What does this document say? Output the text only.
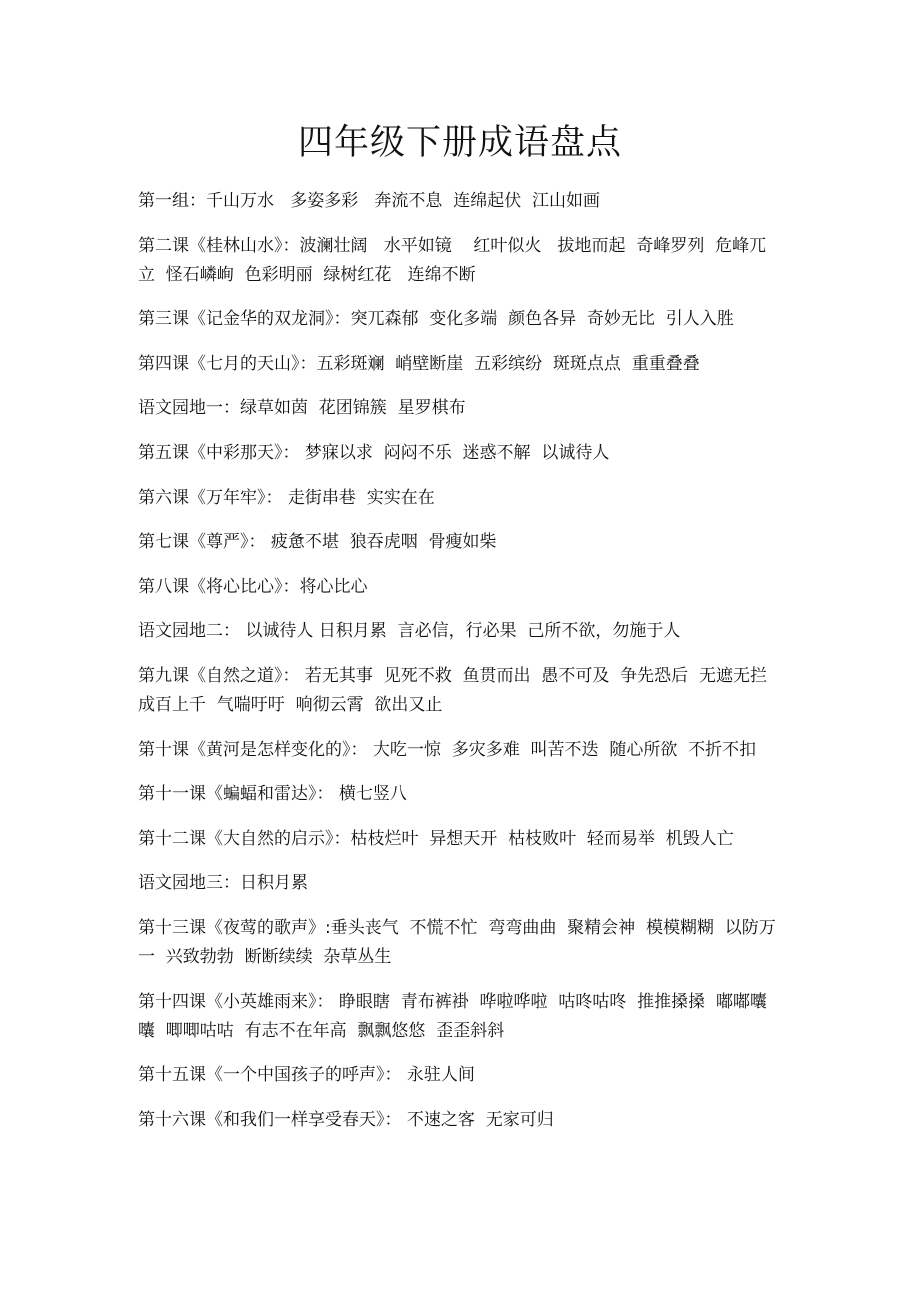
四年级下册成语盘点

第一组：千山万水   多姿多彩   奔流不息  连绵起伏  江山如画

第二课《桂林山水》：波澜壮阔   水平如镜    红叶似火   拔地而起  奇峰罗列  危峰兀立  怪石嶙峋  色彩明丽  绿树红花   连绵不断

第三课《记金华的双龙洞》：突兀森郁  变化多端  颜色各异  奇妙无比  引人入胜

第四课《七月的天山》：五彩斑斓  峭壁断崖  五彩缤纷  斑斑点点  重重叠叠

语文园地一：绿草如茵  花团锦簇  星罗棋布

第五课《中彩那天》： 梦寐以求  闷闷不乐  迷惑不解  以诚待人

第六课《万年牢》： 走街串巷  实实在在

第七课《尊严》： 疲惫不堪  狼吞虎咽  骨瘦如柴

第八课《将心比心》：将心比心

语文园地二： 以诚待人 日积月累  言必信，行必果  己所不欲，勿施于人

第九课《自然之道》： 若无其事  见死不救  鱼贯而出  愚不可及  争先恐后  无遮无拦  成百上千  气喘吁吁  响彻云霄  欲出又止

第十课《黄河是怎样变化的》： 大吃一惊  多灾多难  叫苦不迭  随心所欲  不折不扣

第十一课《蝙蝠和雷达》： 横七竖八

第十二课《大自然的启示》：枯枝烂叶  异想天开  枯枝败叶  轻而易举  机毁人亡

语文园地三：日积月累

第十三课《夜莺的歌声》:垂头丧气  不慌不忙  弯弯曲曲  聚精会神  模模糊糊  以防万一  兴致勃勃  断断续续  杂草丛生

第十四课《小英雄雨来》： 睁眼瞎  青布裤褂  哗啦哗啦  咕咚咕咚  推推搡搡  嘟嘟囔囔  唧唧咕咕  有志不在年高  飘飘悠悠  歪歪斜斜

第十五课《一个中国孩子的呼声》： 永驻人间

第十六课《和我们一样享受春天》： 不速之客  无家可归
